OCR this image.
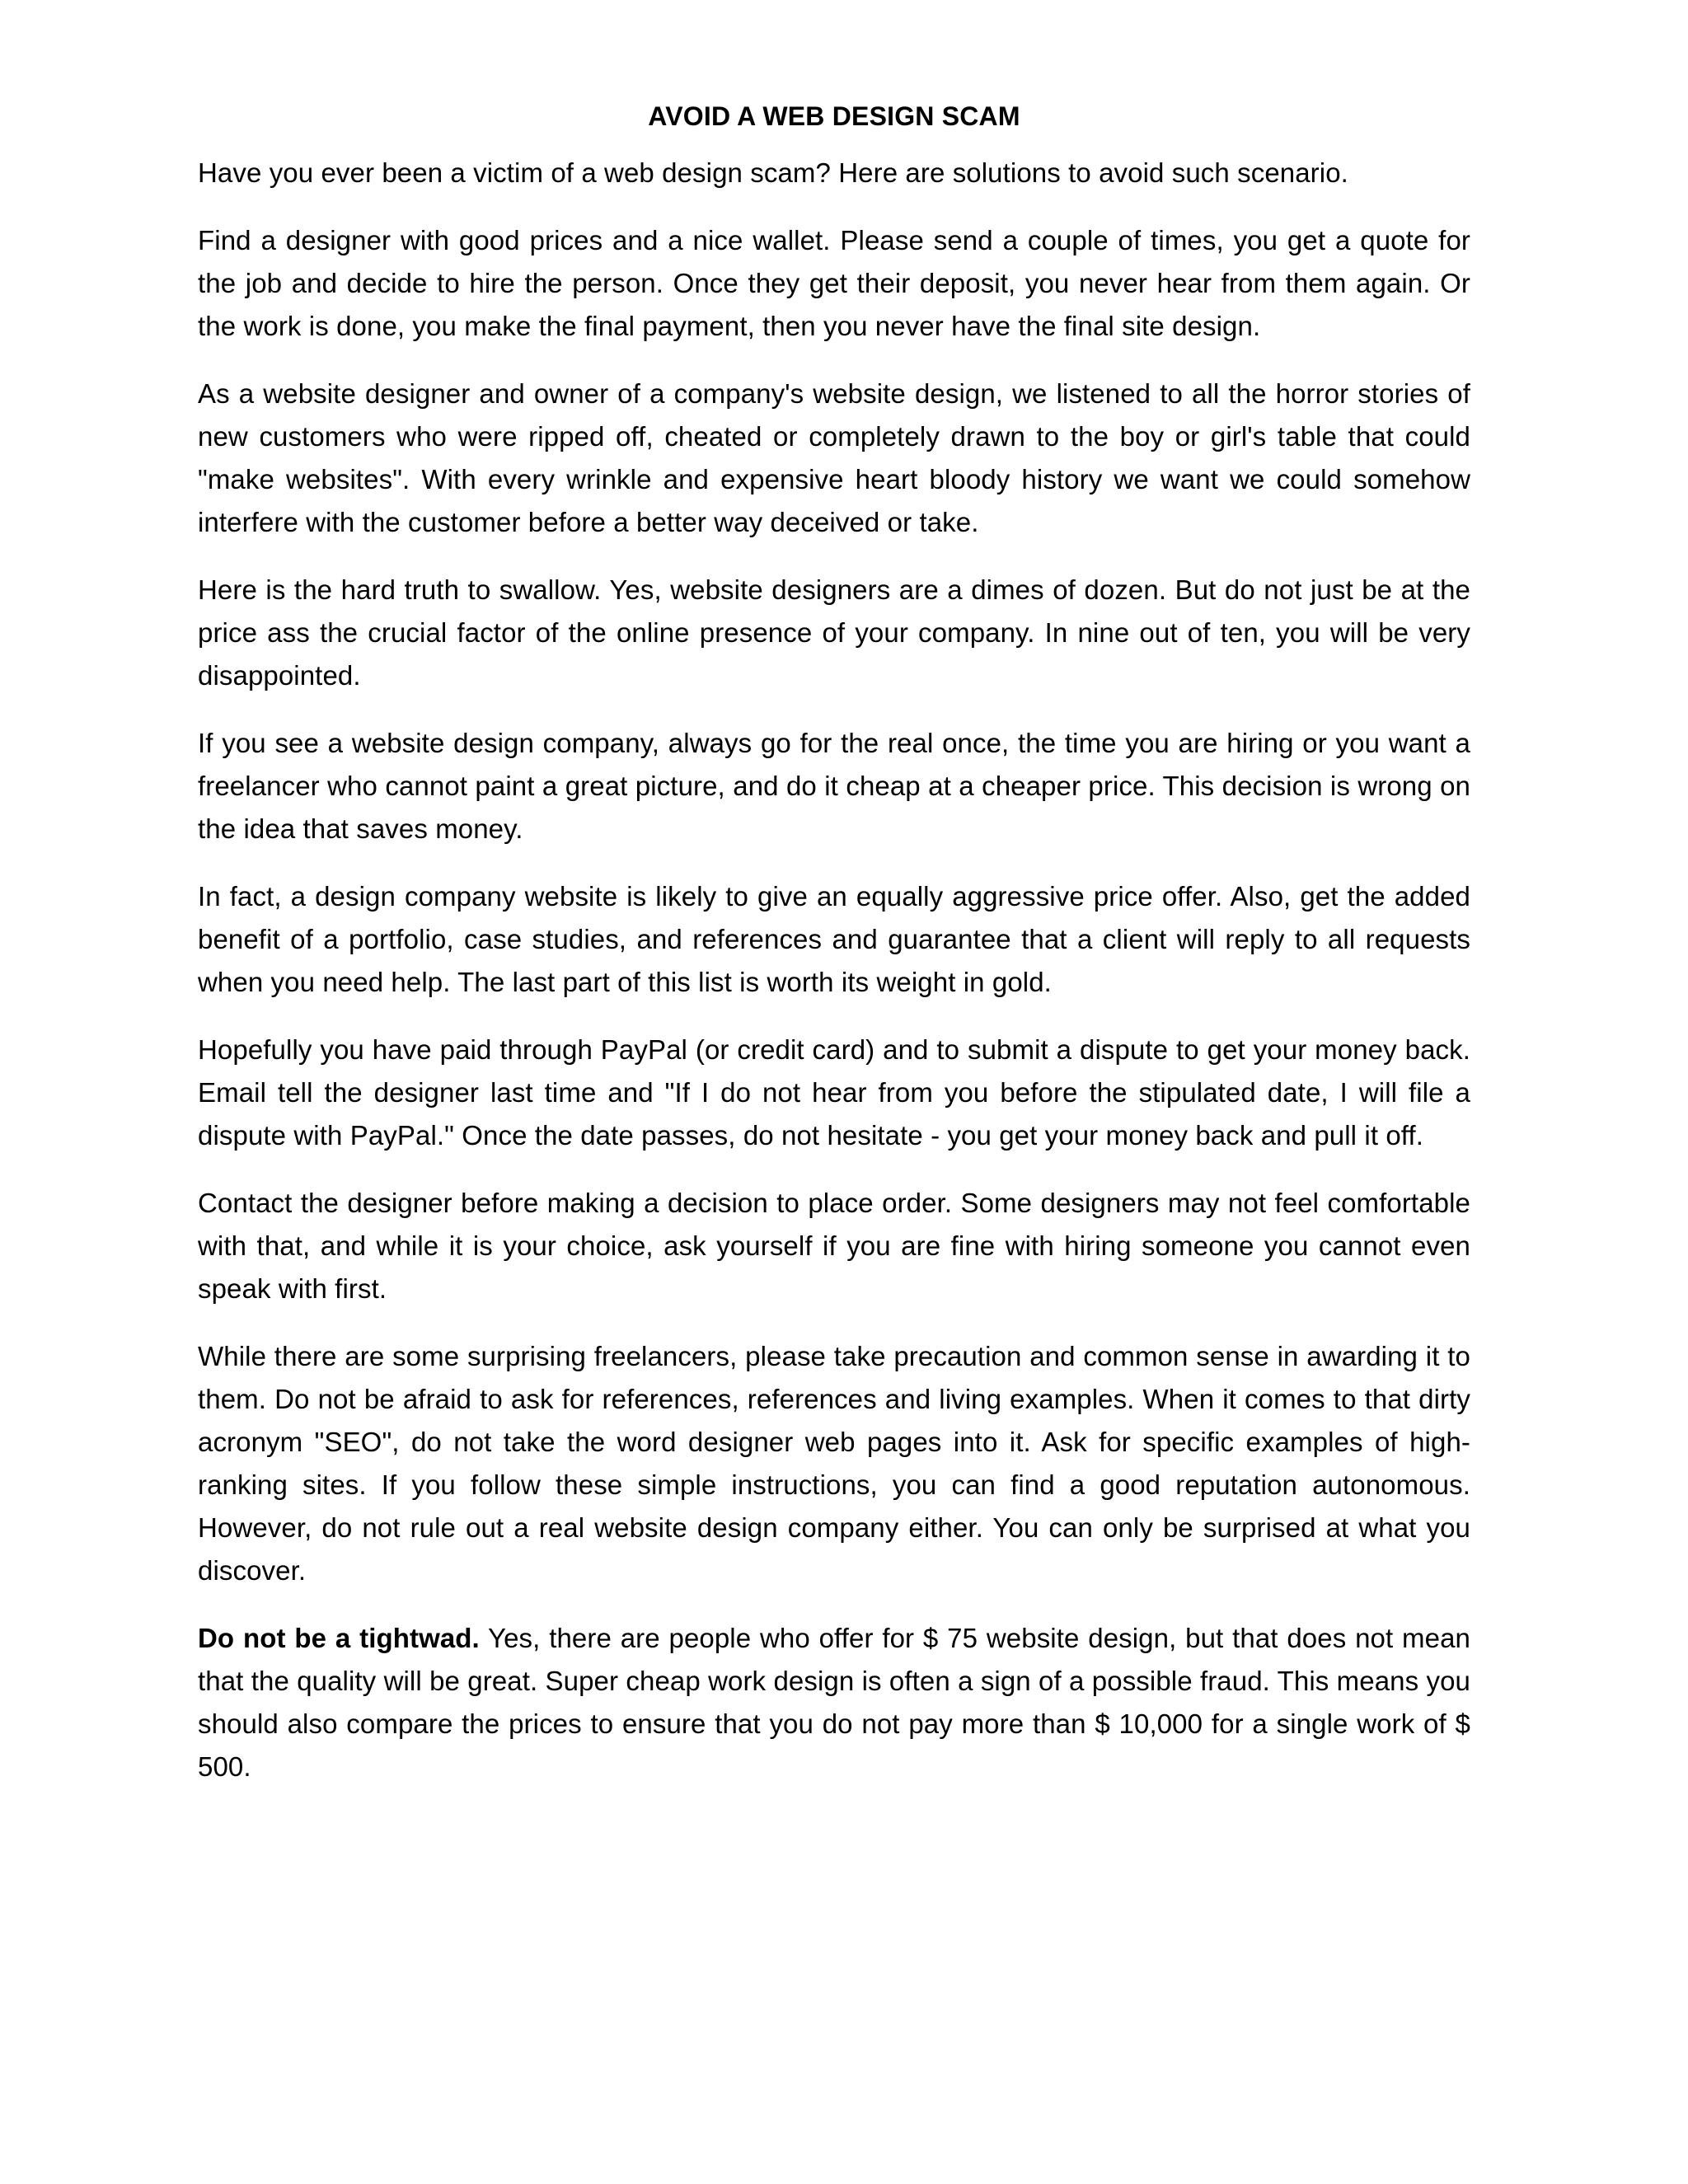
AVOID A WEB DESIGN SCAM

Have you ever been a victim of a web design scam? Here are solutions to avoid such scenario.

Find a designer with good prices and a nice wallet. Please send a couple of times, you get a quote for the job and decide to hire the person. Once they get their deposit, you never hear from them again. Or the work is done, you make the final payment, then you never have the final site design.

As a website designer and owner of a company's website design, we listened to all the horror stories of new customers who were ripped off, cheated or completely drawn to the boy or girl's table that could "make websites". With every wrinkle and expensive heart bloody history we want we could somehow interfere with the customer before a better way deceived or take.

Here is the hard truth to swallow. Yes, website designers are a dimes of dozen. But do not just be at the price ass the crucial factor of the online presence of your company. In nine out of ten, you will be very disappointed.

If you see a website design company, always go for the real once, the time you are hiring or you want a freelancer who cannot paint a great picture, and do it cheap at a cheaper price. This decision is wrong on the idea that saves money.

In fact, a design company website is likely to give an equally aggressive price offer. Also, get the added benefit of a portfolio, case studies, and references and guarantee that a client will reply to all requests when you need help. The last part of this list is worth its weight in gold.

Hopefully you have paid through PayPal (or credit card) and to submit a dispute to get your money back. Email tell the designer last time and "If I do not hear from you before the stipulated date, I will file a dispute with PayPal." Once the date passes, do not hesitate - you get your money back and pull it off.

Contact the designer before making a decision to place order. Some designers may not feel comfortable with that, and while it is your choice, ask yourself if you are fine with hiring someone you cannot even speak with first.

While there are some surprising freelancers, please take precaution and common sense in awarding it to them. Do not be afraid to ask for references, references and living examples. When it comes to that dirty acronym "SEO", do not take the word designer web pages into it. Ask for specific examples of high-ranking sites. If you follow these simple instructions, you can find a good reputation autonomous. However, do not rule out a real website design company either. You can only be surprised at what you discover.

Do not be a tightwad. Yes, there are people who offer for $ 75 website design, but that does not mean that the quality will be great. Super cheap work design is often a sign of a possible fraud. This means you should also compare the prices to ensure that you do not pay more than $ 10,000 for a single work of $ 500.
